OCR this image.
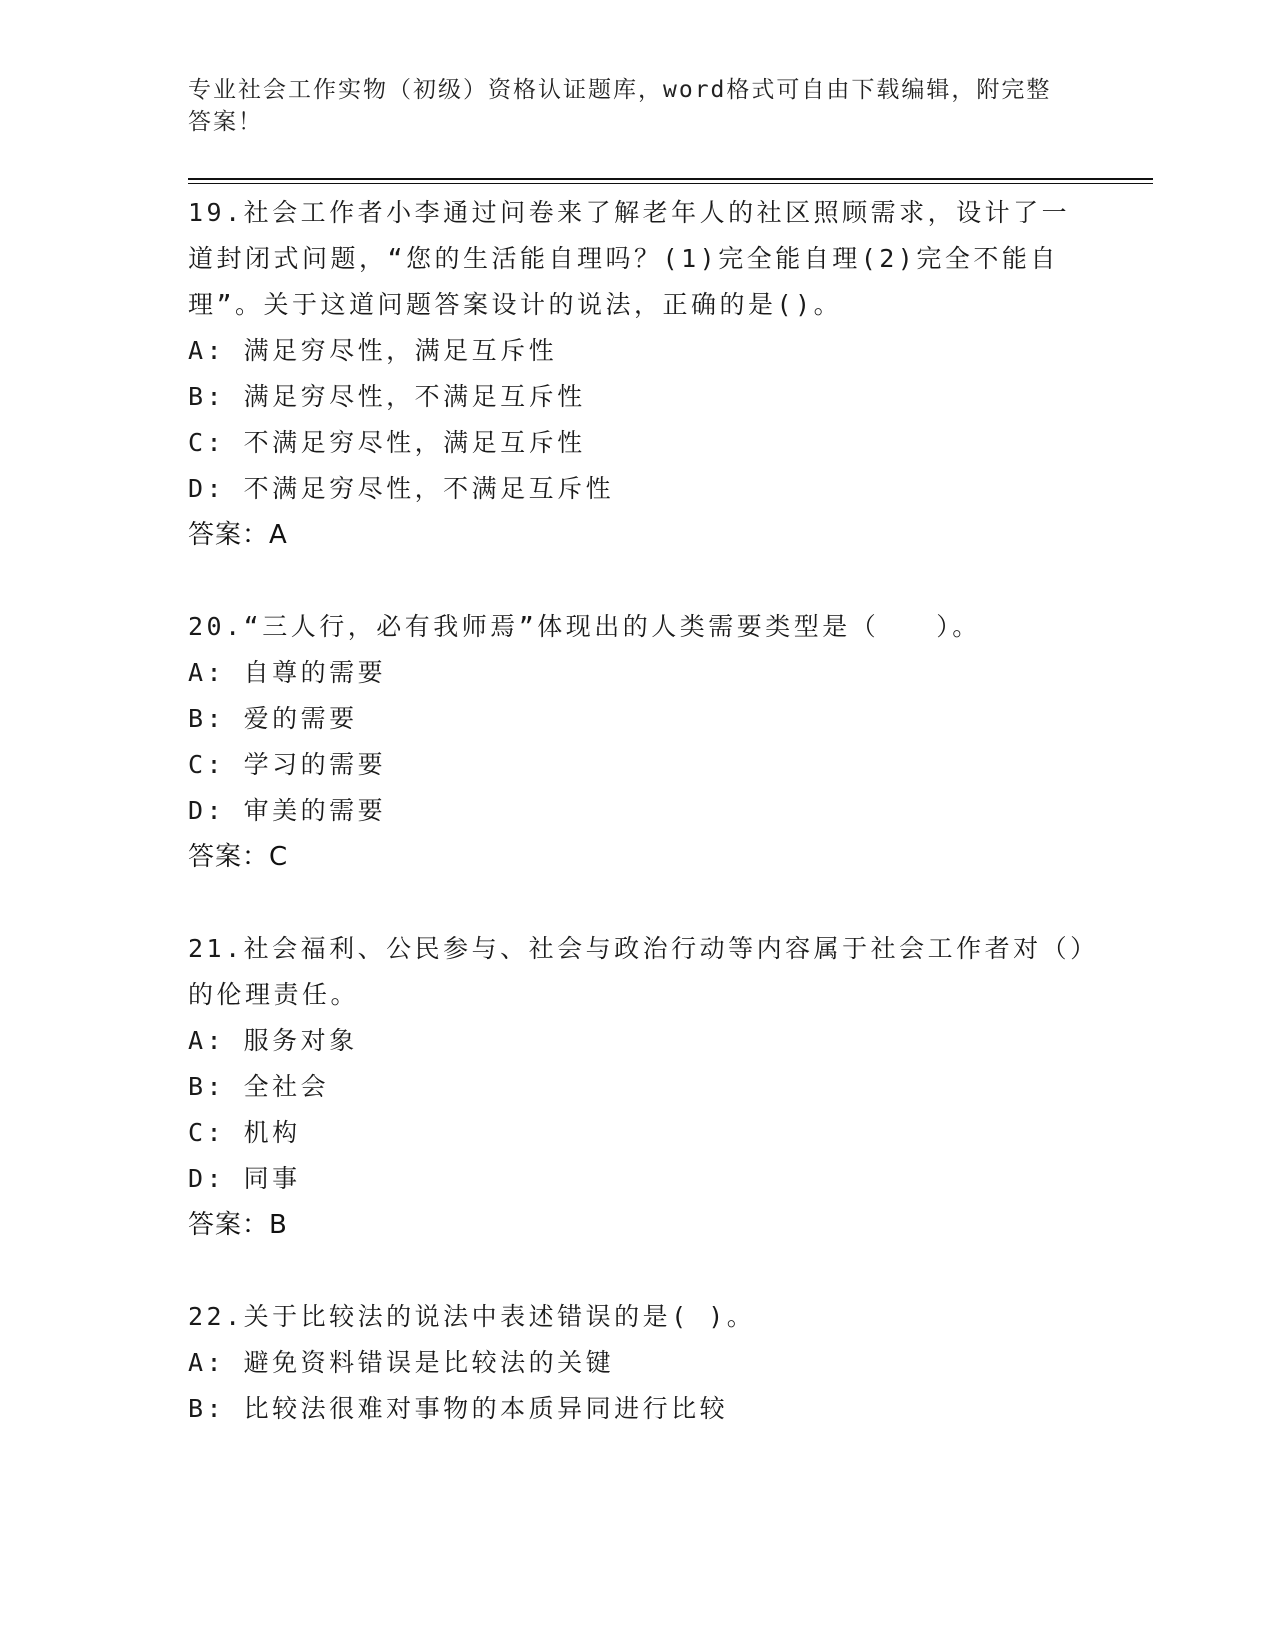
专业社会工作实物（初级）资格认证题库，word格式可自由下载编辑，附完整答案！
19.社会工作者小李通过问卷来了解老年人的社区照顾需求，设计了一道封闭式问题，“您的生活能自理吗？(1)完全能自理(2)完全不能自理”。关于这道问题答案设计的说法，正确的是()。
A: 满足穷尽性，满足互斥性
B: 满足穷尽性，不满足互斥性
C: 不满足穷尽性，满足互斥性
D: 不满足穷尽性，不满足互斥性
答案：A
20.“三人行，必有我师焉”体现出的人类需要类型是（　　）。
A: 自尊的需要
B: 爱的需要
C: 学习的需要
D: 审美的需要
答案：C
21.社会福利、公民参与、社会与政治行动等内容属于社会工作者对（）的伦理责任。
A: 服务对象
B: 全社会
C: 机构
D: 同事
答案：B
22.关于比较法的说法中表述错误的是( )。
A: 避免资料错误是比较法的关键
B: 比较法很难对事物的本质异同进行比较
